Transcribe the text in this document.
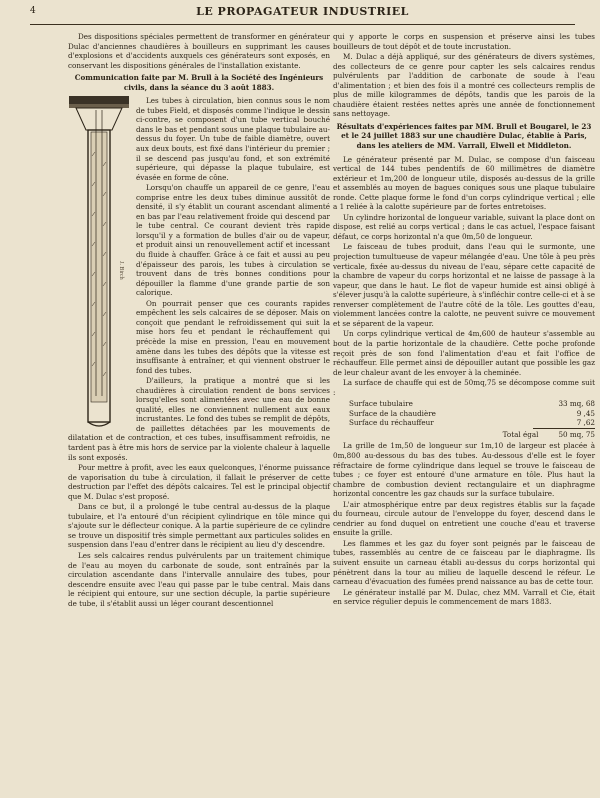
4	LE PROPAGATEUR INDUSTRIEL

Des dispositions spéciales permettent de transformer en générateur Dulac d'anciennes chaudières à bouilleurs en supprimant les causes d'explosions et d'accidents auxquels ces générateurs sont exposés, en conservant les dispositions générales de l'installation existante.

Communication faite par M. Brull à la Société des Ingénieurs civils, dans la séance du 3 août 1883.

J. Birch

Les tubes à circulation, bien connus sous le nom de tubes Field, et disposés comme l'indique le dessin ci-contre, se composent d'un tube vertical bouché dans le bas et pendant sous une plaque tubulaire au-dessus du foyer. Un tube de faible diamètre, ouvert aux deux bouts, est fixé dans l'intérieur du premier ; il se descend pas jusqu'au fond, et son extrémité supérieure, qui dépasse la plaque tubulaire, est évasée en forme de cône.

Lorsqu'on chauffe un appareil de ce genre, l'eau comprise entre les deux tubes diminue aussitôt de densité, il s'y établit un courant ascendant alimenté en bas par l'eau relativement froide qui descend par le tube central. Ce courant devient très rapide lorsqu'il y a formation de bulles d'air ou de vapeur, et produit ainsi un renouvellement actif et incessant du fluide à chauffer. Grâce à ce fait et aussi au peu d'épaisseur des parois, les tubes à circulation se trouvent dans de très bonnes conditions pour dépouiller la flamme d'une grande partie de son calorique.

On pourrait penser que ces courants rapides empêchent les sels calcaires de se déposer. Mais on conçoit que pendant le refroidissement qui suit la mise hors feu et pendant le réchauffement qui précède la mise en pression, l'eau en mouvement amène dans les tubes des dépôts que la vitesse est insuffisante à entraîner, et qui viennent obstruer le fond des tubes.

D'ailleurs, la pratique a montré que si les chaudières à circulation rendent de bons services lorsqu'elles sont alimentées avec une eau de bonne qualité, elles ne conviennent nullement aux eaux incrustantes. Le fond des tubes se remplit de dépôts, de paillettes détachées par les mouvements de dilatation et de contraction, et ces tubes, insuffisamment refroidis, ne tardent pas à être mis hors de service par la violente chaleur à laquelle ils sont exposés.

Pour mettre à profit, avec les eaux quelconques, l'énorme puissance de vaporisation du tube à circulation, il fallait le préserver de cette destruction par l'effet des dépôts calcaires. Tel est le principal objectif que M. Dulac s'est proposé.

Dans ce but, il a prolongé le tube central au-dessus de la plaque tubulaire, et l'a entouré d'un récipient cylindrique en tôle mince qui s'ajoute sur le déflecteur conique. A la partie supérieure de ce cylindre se trouve un dispositif très simple permettant aux particules solides en suspension dans l'eau d'entrer dans le récipient au lieu d'y descendre.

Les sels calcaires rendus pulvérulents par un traitement chimique de l'eau au moyen du carbonate de soude, sont entraînés par la circulation ascendante dans l'intervalle annulaire des tubes, pour descendre ensuite avec l'eau qui passe par le tube central. Mais dans le récipient qui entoure, sur une section décuple, la partie supérieure de tube, il s'établit aussi un léger courant descentionnel

qui y apporte le corps en suspension et préserve ainsi les tubes bouilleurs de tout dépôt et de toute incrustation.

M. Dulac a déjà appliqué, sur des générateurs de divers systèmes, des collecteurs de ce genre pour capter les sels calcaires rendus pulvérulents par l'addition de carbonate de soude à l'eau d'alimentation ; et bien des fois il a montré ces collecteurs remplis de plus de mille kilogrammes de dépôts, tandis que les parois de la chaudière étaient restées nettes après une année de fonctionnement sans nettoyage.

Résultats d'expériences faites par MM. Brull et Bougarel, le 23 et le 24 juillet 1883 sur une chaudière Dulac, établie à Paris, dans les ateliers de MM. Varrall, Elwell et Middleton.

Le générateur présenté par M. Dulac, se compose d'un faisceau vertical de 144 tubes pendentifs de 60 millimètres de diamètre extérieur et 1m,200 de longueur utile, disposés au-dessus de la grille et assemblés au moyen de bagues coniques sous une plaque tubulaire ronde. Cette plaque forme le fond d'un corps cylindrique vertical ; elle a 1 reliée à la calotte supérieure par de fortes entretoises.

Un cylindre horizontal de longueur variable, suivant la place dont on dispose, est relié au corps vertical ; dans le cas actuel, l'espace faisant défaut, ce corps horizontal n'a que 0m,50 de longueur.

Le faisceau de tubes produit, dans l'eau qui le surmonte, une projection tumultueuse de vapeur mélangée d'eau. Une tôle à peu près verticale, fixée au-dessus du niveau de l'eau, sépare cette capacité de la chambre de vapeur du corps horizontal et ne laisse de passage à la vapeur, que dans le haut. Le flot de vapeur humide est ainsi obligé à s'élever jusqu'à la calotte supérieure, à s'infléchir contre celle-ci et à se renverser complètement de l'autre côté de la tôle. Les gouttes d'eau, violemment lancées contre la calotte, ne peuvent suivre ce mouvement et se séparent de la vapeur.

Un corps cylindrique vertical de 4m,600 de hauteur s'assemble au bout de la partie horizontale de la chaudière. Cette poche profonde reçoit près de son fond l'alimentation d'eau et fait l'office de réchauffeur. Elle permet ainsi de dépouiller autant que possible les gaz de leur chaleur avant de les envoyer à la cheminée.

La surface de chauffe qui est de 50mq,75 se décompose comme suit :

Surface tubulaire	33 mq, 68
Surface de la chaudière	9 ,45
Surface du réchauffeur	7 ,62
Total égal	50 mq, 75

La grille de 1m,50 de longueur sur 1m,10 de largeur est placée à 0m,800 au-dessous du bas des tubes. Au-dessous d'elle est le foyer réfractaire de forme cylindrique dans lequel se trouve le faisceau de tubes ; ce foyer est entouré d'une armature en tôle. Plus haut la chambre de combustion devient rectangulaire et un diaphragme horizontal concentre les gaz chauds sur la surface tubulaire.

L'air atmosphérique entre par deux registres établis sur la façade du fourneau, circule autour de l'enveloppe du foyer, descend dans le cendrier au fond duquel on entretient une couche d'eau et traverse ensuite la grille.

Les flammes et les gaz du foyer sont peignés par le faisceau de tubes, rassemblés au centre de ce faisceau par le diaphragme. Ils suivent ensuite un carneau établi au-dessus du corps horizontal qui pénètrent dans la tour au milieu de laquelle descend le réfeur. Le carneau d'évacuation des fumées prend naissance au bas de cette tour.

Le générateur installé par M. Dulac, chez MM. Varrall et Cie, était en service régulier depuis le commencement de mars 1883.
